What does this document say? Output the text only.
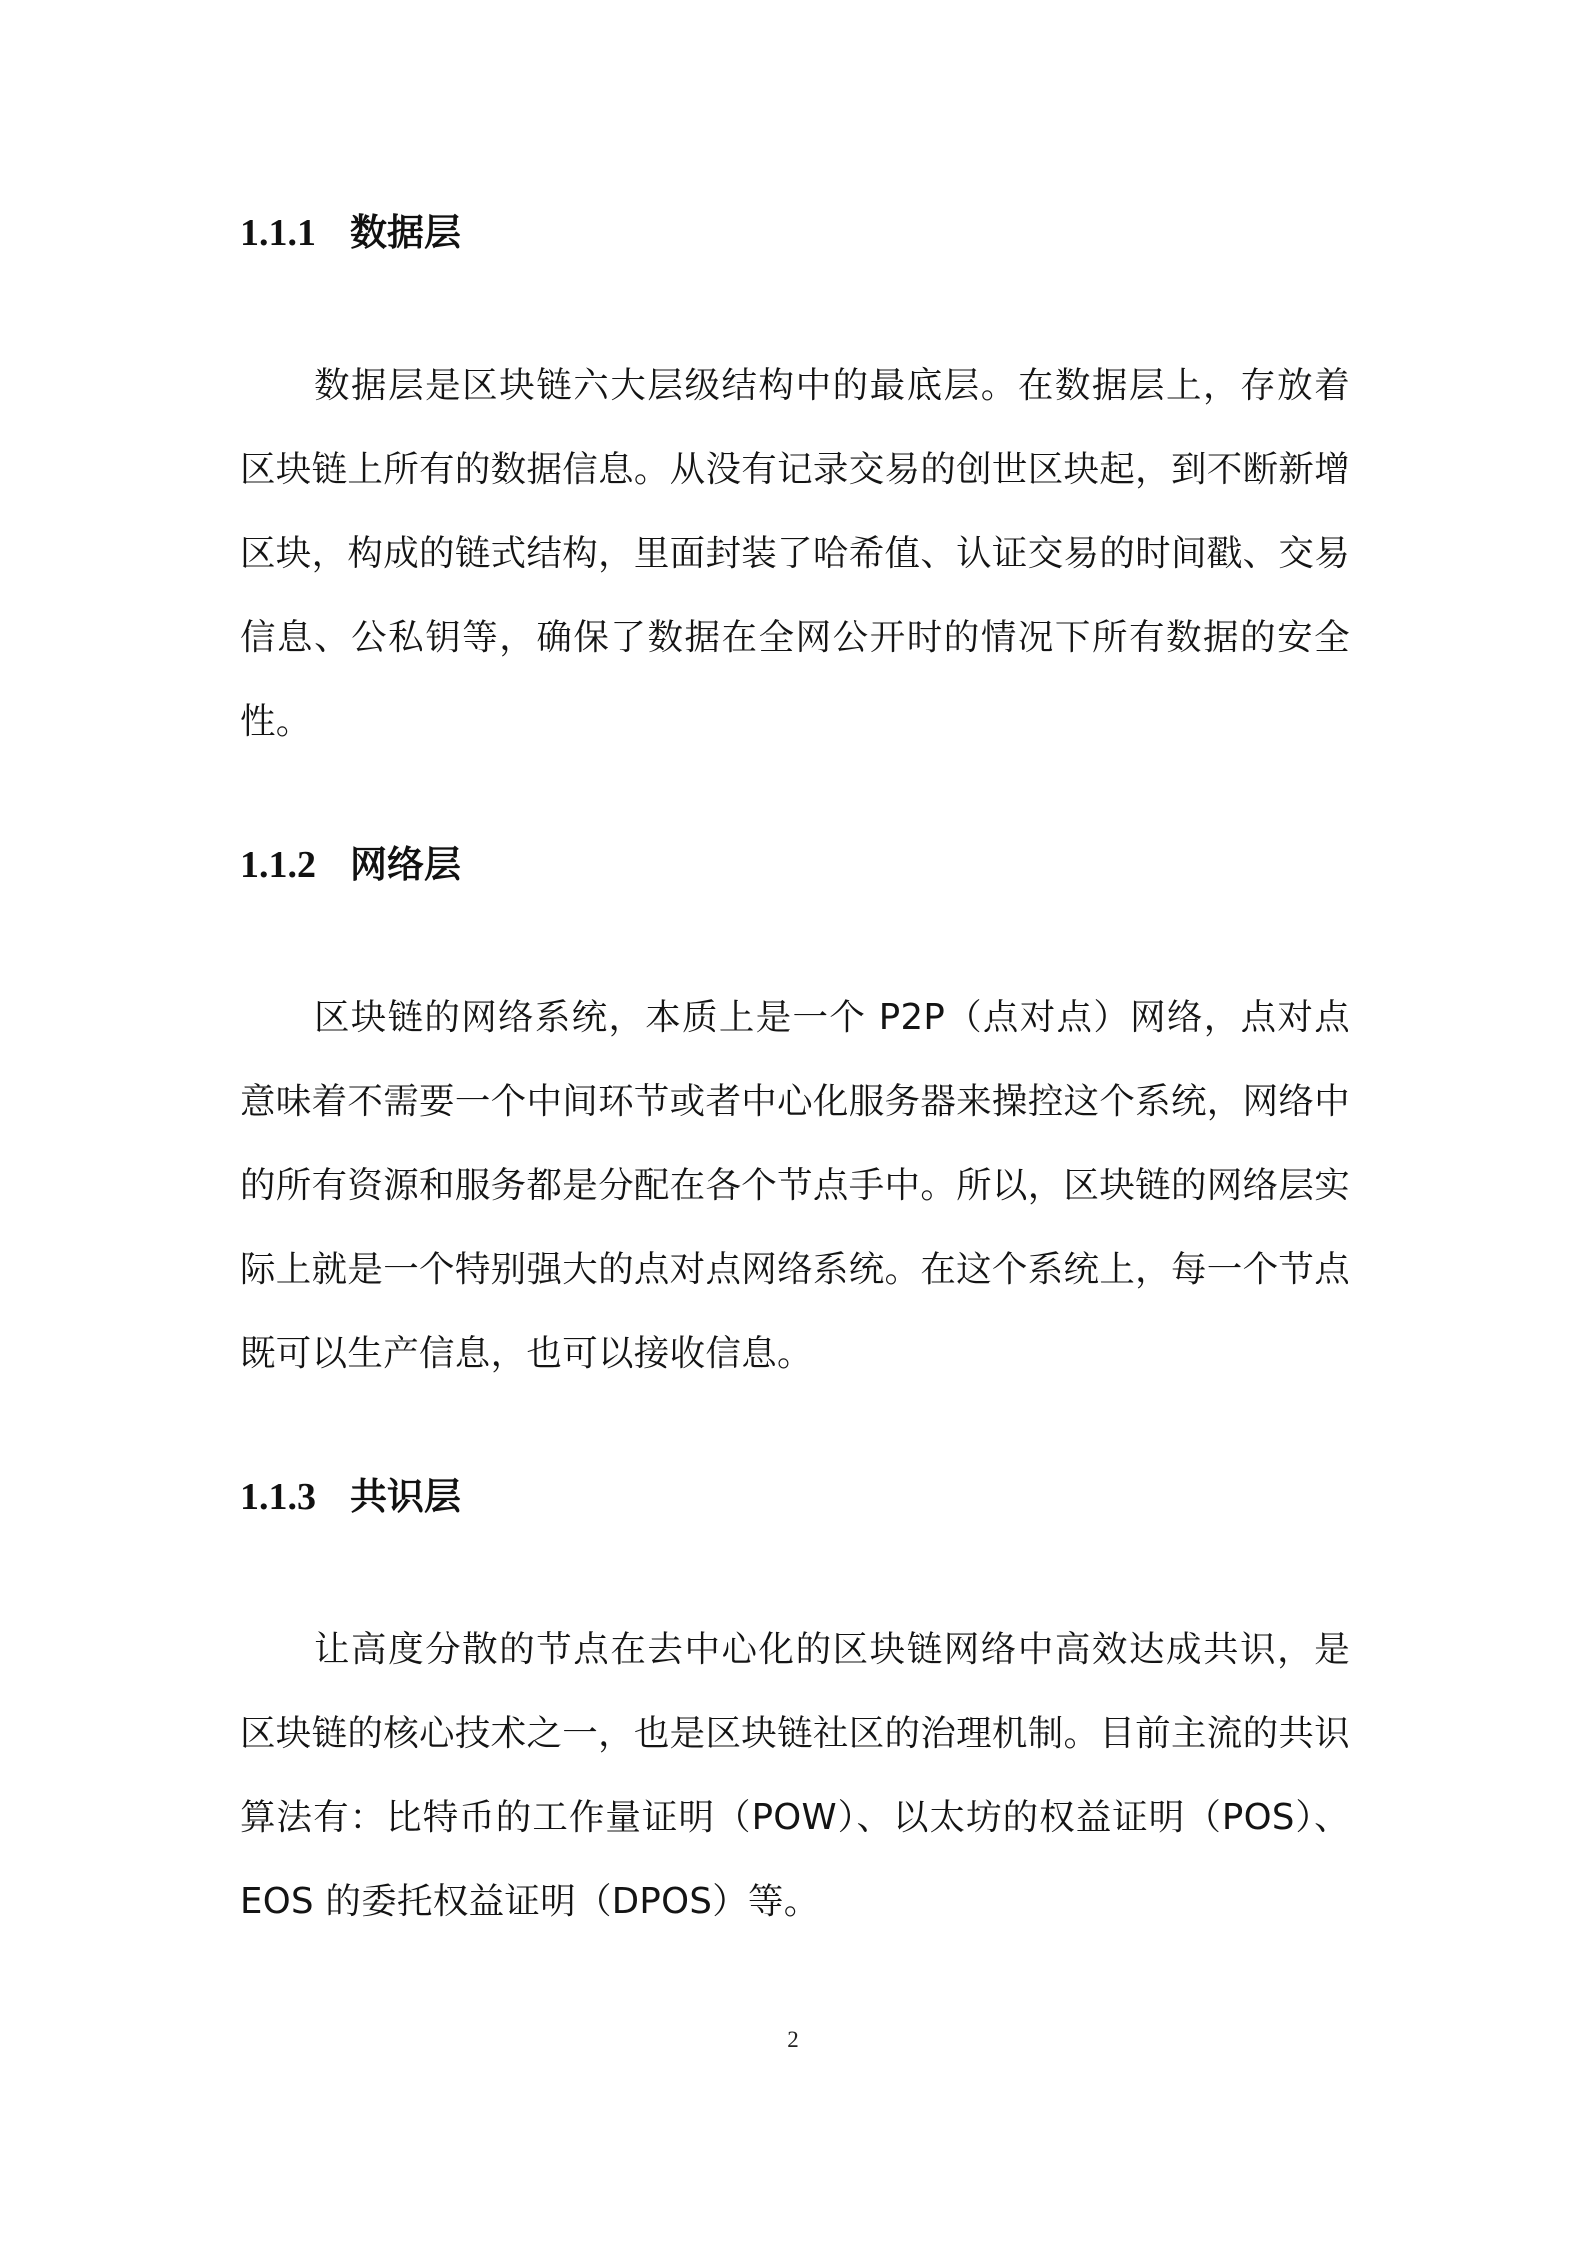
1.1.1 数据层

数据层是区块链六大层级结构中的最底层。在数据层上，存放着区块链上所有的数据信息。从没有记录交易的创世区块起，到不断新增区块，构成的链式结构，里面封装了哈希值、认证交易的时间戳、交易信息、公私钥等，确保了数据在全网公开时的情况下所有数据的安全性。

1.1.2 网络层

区块链的网络系统，本质上是一个 P2P（点对点）网络，点对点意味着不需要一个中间环节或者中心化服务器来操控这个系统，网络中的所有资源和服务都是分配在各个节点手中。所以，区块链的网络层实际上就是一个特别强大的点对点网络系统。在这个系统上，每一个节点既可以生产信息，也可以接收信息。

1.1.3 共识层

让高度分散的节点在去中心化的区块链网络中高效达成共识，是区块链的核心技术之一，也是区块链社区的治理机制。目前主流的共识算法有：比特币的工作量证明（POW）、以太坊的权益证明（POS）、EOS 的委托权益证明（DPOS）等。

2
